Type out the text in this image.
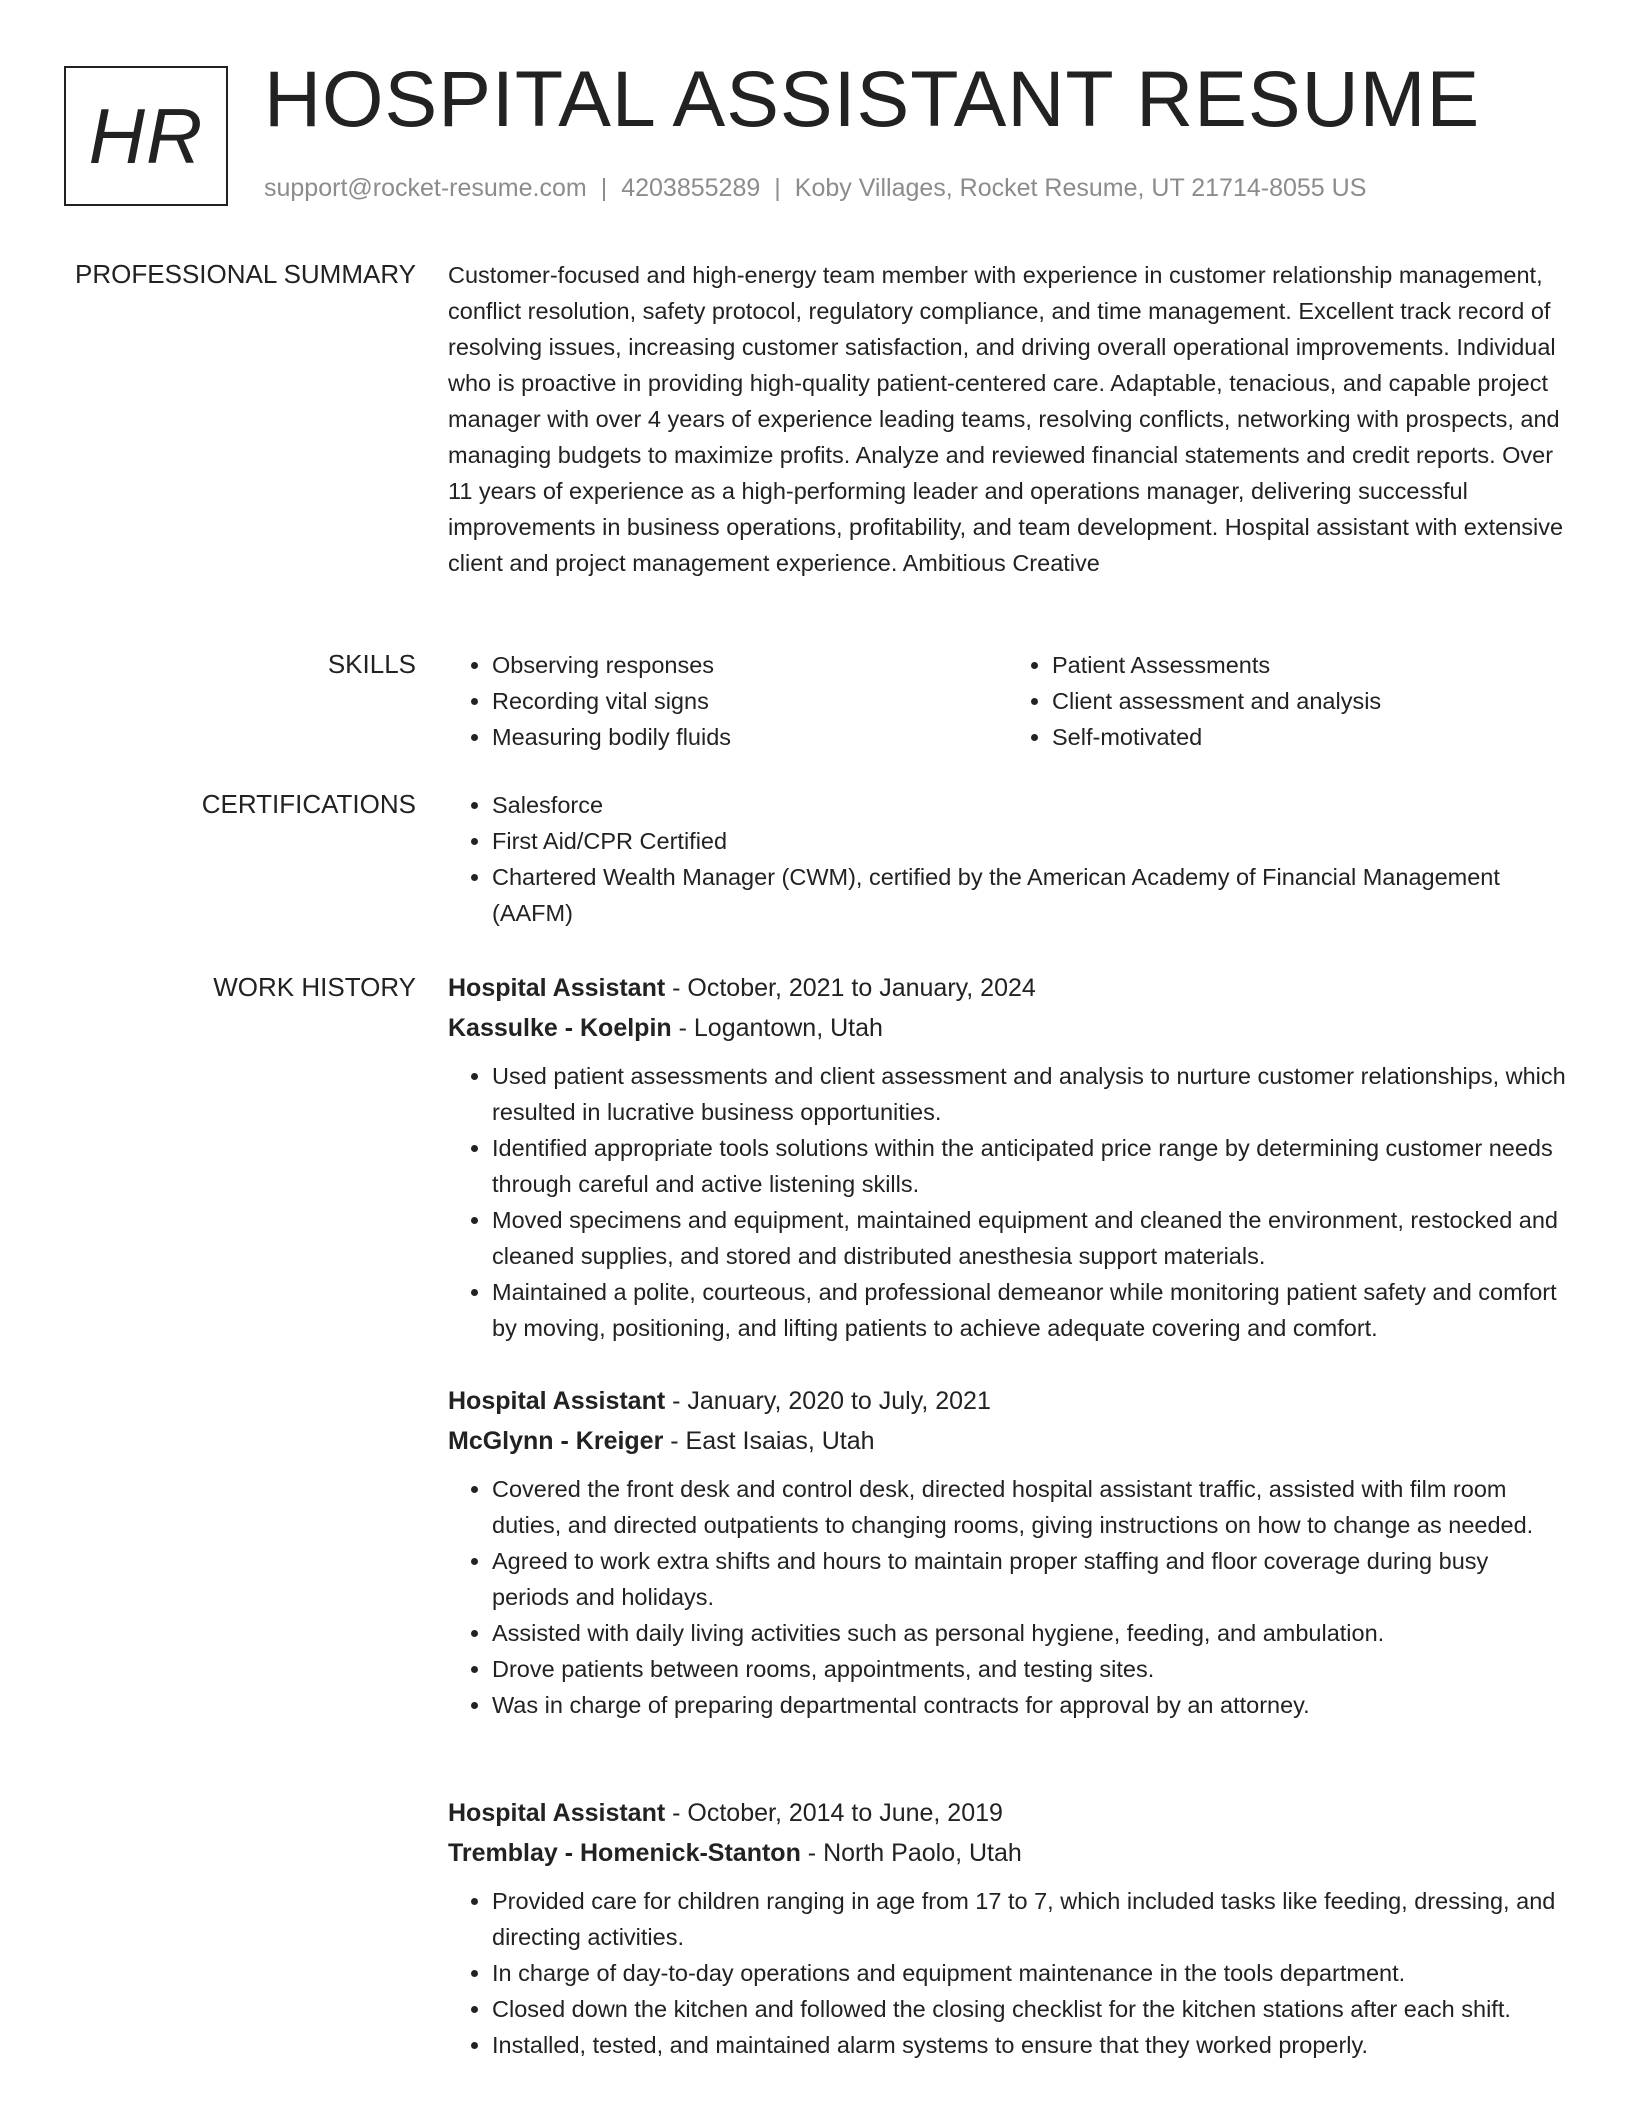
HR HOSPITAL ASSISTANT RESUME
support@rocket-resume.com | 4203855289 | Koby Villages, Rocket Resume, UT 21714-8055 US
PROFESSIONAL SUMMARY Customer-focused and high-energy team member with experience in customer relationship management, conflict resolution, safety protocol, regulatory compliance, and time management. Excellent track record of resolving issues, increasing customer satisfaction, and driving overall operational improvements. Individual who is proactive in providing high-quality patient-centered care. Adaptable, tenacious, and capable project manager with over 4 years of experience leading teams, resolving conflicts, networking with prospects, and managing budgets to maximize profits. Analyze and reviewed financial statements and credit reports. Over 11 years of experience as a high-performing leader and operations manager, delivering successful improvements in business operations, profitability, and team development. Hospital assistant with extensive client and project management experience. Ambitious Creative

SKILLS	• Observing responses
• Recording vital signs
• Measuring bodily fluids
• Patient Assessments
• Client assessment and analysis
• Self-motivated
CERTIFICATIONS	• Salesforce
• First Aid/CPR Certified
• Chartered Wealth Manager (CWM), certified by the American Academy of Financial Management (AAFM)
WORK HISTORY Hospital Assistant - October, 2021 to January, 2024
Kassulke - Koelpin - Logantown, Utah
• Used patient assessments and client assessment and analysis to nurture customer relationships, which resulted in lucrative business opportunities.
• Identified appropriate tools solutions within the anticipated price range by determining customer needs through careful and active listening skills.
• Moved specimens and equipment, maintained equipment and cleaned the environment, restocked and cleaned supplies, and stored and distributed anesthesia support materials.
• Maintained a polite, courteous, and professional demeanor while monitoring patient safety and comfort by moving, positioning, and lifting patients to achieve adequate covering and comfort.
Hospital Assistant - January, 2020 to July, 2021
McGlynn - Kreiger - East Isaias, Utah
• Covered the front desk and control desk, directed hospital assistant traffic, assisted with film room duties, and directed outpatients to changing rooms, giving instructions on how to change as needed.
• Agreed to work extra shifts and hours to maintain proper staffing and floor coverage during busy periods and holidays.
• Assisted with daily living activities such as personal hygiene, feeding, and ambulation.
• Drove patients between rooms, appointments, and testing sites.
• Was in charge of preparing departmental contracts for approval by an attorney.
Hospital Assistant - October, 2014 to June, 2019
Tremblay - Homenick-Stanton - North Paolo, Utah
• Provided care for children ranging in age from 17 to 7, which included tasks like feeding, dressing, and directing activities.
• In charge of day-to-day operations and equipment maintenance in the tools department.
• Closed down the kitchen and followed the closing checklist for the kitchen stations after each shift.
• Installed, tested, and maintained alarm systems to ensure that they worked properly.
